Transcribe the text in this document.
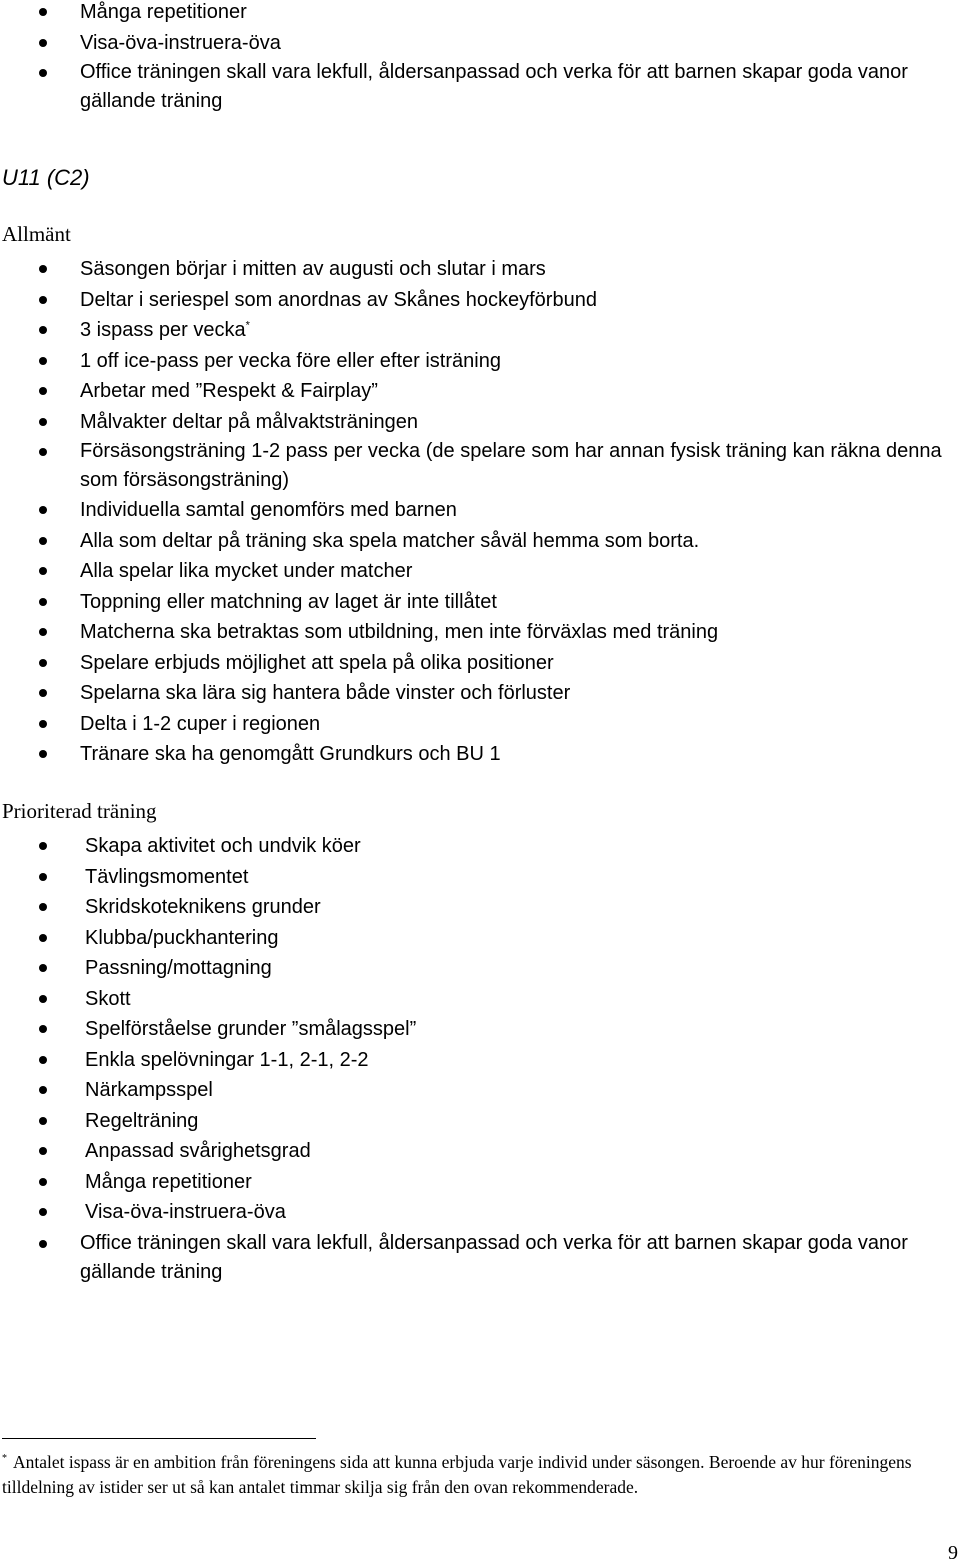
Många repetitioner
Visa-öva-instruera-öva
Office träningen skall vara lekfull, åldersanpassad och verka för att barnen skapar goda vanor gällande träning
U11 (C2)
Allmänt
Säsongen börjar i mitten av augusti och slutar i mars
Deltar i seriespel som anordnas av Skånes hockeyförbund
3 ispass per vecka*
1 off ice-pass per vecka före eller efter isträning
Arbetar med ”Respekt & Fairplay”
Målvakter deltar på målvaktsträningen
Försäsongsträning 1-2 pass per vecka (de spelare som har annan fysisk träning kan räkna denna som försäsongsträning)
Individuella samtal genomförs med barnen
Alla som deltar på träning ska spela matcher såväl hemma som borta.
Alla spelar lika mycket under matcher
Toppning eller matchning av laget är inte tillåtet
Matcherna ska betraktas som utbildning, men inte förväxlas med träning
Spelare erbjuds möjlighet att spela på olika positioner
Spelarna ska lära sig hantera både vinster och förluster
Delta i 1-2 cuper i regionen
Tränare ska ha genomgått Grundkurs och BU 1
Prioriterad träning
Skapa aktivitet och undvik köer
Tävlingsmomentet
Skridskoteknikens grunder
Klubba/puckhantering
Passning/mottagning
Skott
Spelförståelse grunder ”smålagsspel”
Enkla spelövningar 1-1, 2-1, 2-2
Närkampsspel
Regelträning
Anpassad svårighetsgrad
Många repetitioner
Visa-öva-instruera-öva
Office träningen skall vara lekfull, åldersanpassad och verka för att barnen skapar goda vanor gällande träning
* Antalet ispass är en ambition från föreningens sida att kunna erbjuda varje individ under säsongen. Beroende av hur föreningens tilldelning av istider ser ut så kan antalet timmar skilja sig från den ovan rekommenderade.
9
